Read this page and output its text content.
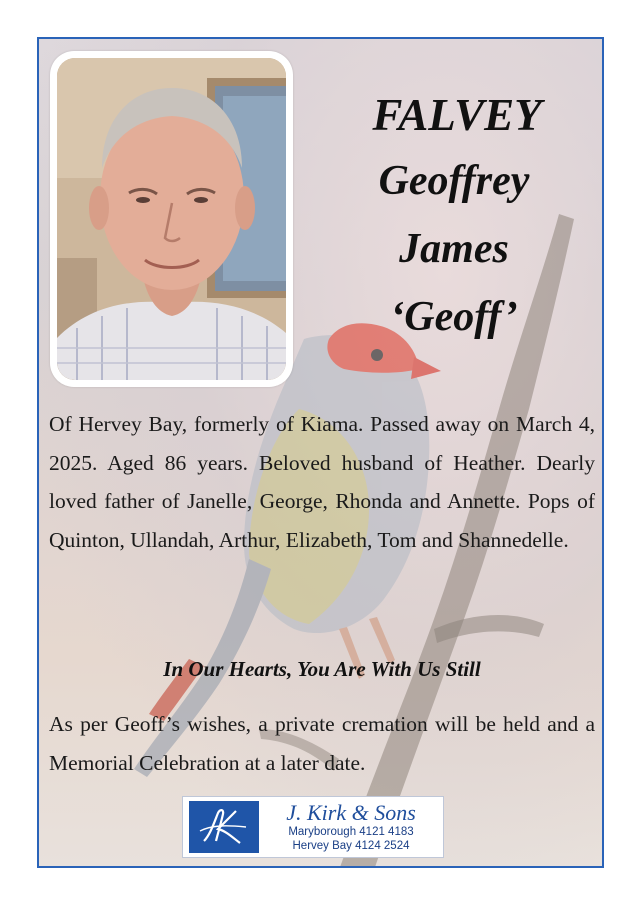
FALVEY
Geoffrey
James
‘Geoff’

Of Hervey Bay, formerly of Kiama. Passed away on March 4, 2025. Aged 86 years. Beloved husband of Heather. Dearly loved father of Janelle, George, Rhonda and Annette. Pops of Quinton, Ullandah, Arthur, Elizabeth, Tom and Shannedelle.

In Our Hearts, You Are With Us Still

As per Geoff’s wishes, a private cremation will be held and a Memorial Celebration at a later date.

J. Kirk & Sons
Maryborough 4121 4183
Hervey Bay 4124 2524
